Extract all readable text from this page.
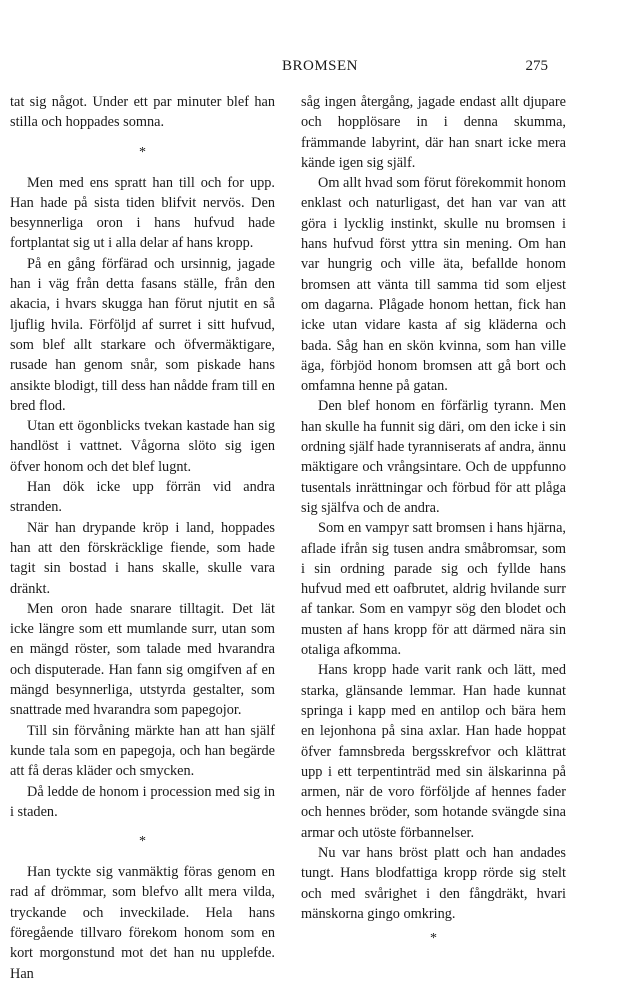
BROMSEN	275

tat sig något. Under ett par minuter blef han stilla och hoppades somna.

*

Men med ens spratt han till och for upp. Han hade på sista tiden blifvit nervös. Den besynnerliga oron i hans hufvud hade fortplantat sig ut i alla delar af hans kropp.

På en gång förfärad och ursinnig, jagade han i väg från detta fasans ställe, från den akacia, i hvars skugga han förut njutit en så ljuflig hvila. Förföljd af surret i sitt hufvud, som blef allt starkare och öfvermäktigare, rusade han genom snår, som piskade hans ansikte blodigt, till dess han nådde fram till en bred flod.

Utan ett ögonblicks tvekan kastade han sig handlöst i vattnet. Vågorna slöto sig igen öfver honom och det blef lugnt.

Han dök icke upp förrän vid andra stranden.

När han drypande kröp i land, hoppades han att den förskräcklige fiende, som hade tagit sin bostad i hans skalle, skulle vara dränkt.

Men oron hade snarare tilltagit. Det lät icke längre som ett mumlande surr, utan som en mängd röster, som talade med hvarandra och disputerade. Han fann sig omgifven af en mängd besynnerliga, utstyrda gestalter, som snattrade med hvarandra som papegojor.

Till sin förvåning märkte han att han själf kunde tala som en papegoja, och han begärde att få deras kläder och smycken.

Då ledde de honom i procession med sig in i staden.

*

Han tyckte sig vanmäktig föras genom en rad af drömmar, som blefvo allt mera vilda, tryckande och inveckilade. Hela hans föregående tillvaro förekom honom som en kort morgonstund mot det han nu upplefde. Han

såg ingen återgång, jagade endast allt djupare och hopplösare in i denna skumma, främmande labyrint, där han snart icke mera kände igen sig själf.

Om allt hvad som förut förekommit honom enklast och naturligast, det han var van att göra i lycklig instinkt, skulle nu bromsen i hans hufvud först yttra sin mening. Om han var hungrig och ville äta, befallde honom bromsen att vänta till samma tid som eljest om dagarna. Plågade honom hettan, fick han icke utan vidare kasta af sig kläderna och bada. Såg han en skön kvinna, som han ville äga, förbjöd honom bromsen att gå bort och omfamna henne på gatan.

Den blef honom en förfärlig tyrann. Men han skulle ha funnit sig däri, om den icke i sin ordning själf hade tyranniserats af andra, ännu mäktigare och vrångsintare. Och de uppfunno tusentals inrättningar och förbud för att plåga sig själfva och de andra.

Som en vampyr satt bromsen i hans hjärna, aflade ifrån sig tusen andra småbromsar, som i sin ordning parade sig och fyllde hans hufvud med ett oafbrutet, aldrig hvilande surr af tankar. Som en vampyr sög den blodet och musten af hans kropp för att därmed nära sin otaliga afkomma.

Hans kropp hade varit rank och lätt, med starka, glänsande lemmar. Han hade kunnat springa i kapp med en antilop och bära hem en lejonhona på sina axlar. Han hade hoppat öfver famnsbreda bergsskrefvor och klättrat upp i ett terpentinträd med sin älskarinna på armen, när de voro förföljde af hennes fader och hennes bröder, som hotande svängde sina armar och utöste förbannelser.

Nu var hans bröst platt och han andades tungt. Hans blodfattiga kropp rörde sig stelt och med svårighet i den fångdräkt, hvari mänskorna gingo omkring.

*
